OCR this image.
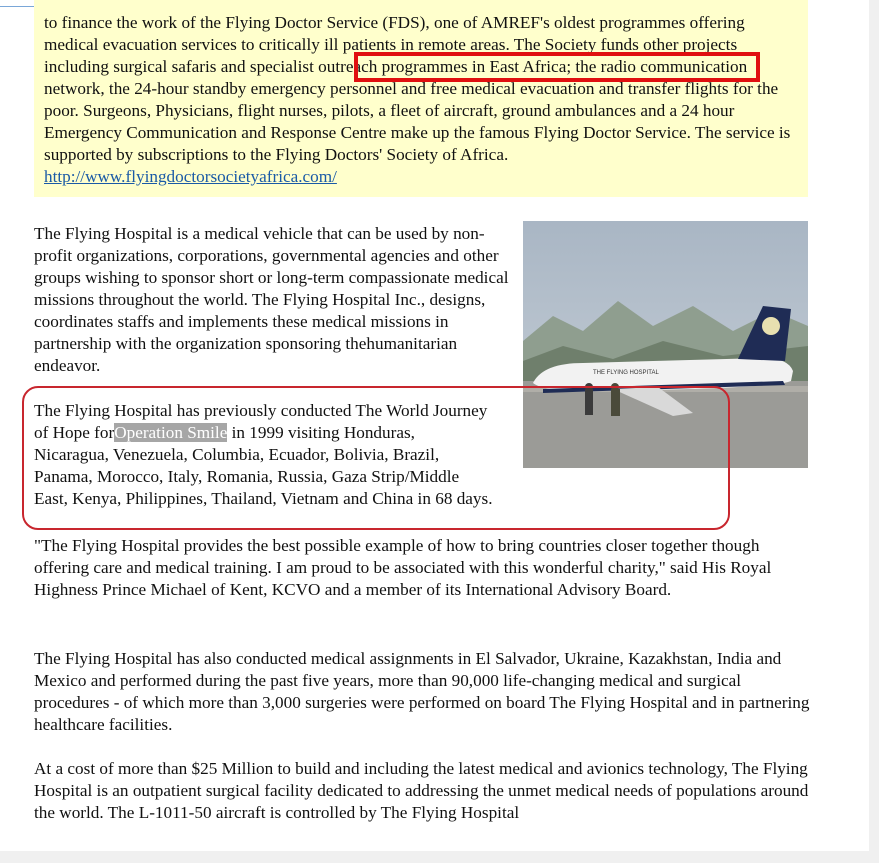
to finance the work of the Flying Doctor Service (FDS), one of AMREF's oldest programmes offering medical evacuation services to critically ill patients in remote areas. The Society funds other projects including surgical safaris and specialist outreach programmes in East Africa; the radio communication network, the 24-hour standby emergency personnel and free medical evacuation and transfer flights for the poor. Surgeons, Physicians, flight nurses, pilots, a fleet of aircraft, ground ambulances and a 24 hour Emergency Communication and Response Centre make up the famous Flying Doctor Service. The service is supported by subscriptions to the Flying Doctors' Society of Africa. http://www.flyingdoctorsocietyafrica.com/

THE FLYING HOSPITAL

The Flying Hospital is a medical vehicle that can be used by non-profit organizations, corporations, governmental agencies and other groups wishing to sponsor short or long-term compassionate medical missions throughout the world. The Flying Hospital Inc., designs, coordinates staffs and implements these medical missions in partnership with the organization sponsoring thehumanitarian endeavor.

The Flying Hospital has previously conducted The World Journey of Hope forOperation Smile in 1999 visiting Honduras, Nicaragua, Venezuela, Columbia, Ecuador, Bolivia, Brazil, Panama, Morocco, Italy, Romania, Russia, Gaza Strip/Middle East, Kenya, Philippines, Thailand, Vietnam and China in 68 days.

"The Flying Hospital provides the best possible example of how to bring countries closer together though offering care and medical training. I am proud to be associated with this wonderful charity," said His Royal Highness Prince Michael of Kent, KCVO and a member of its International Advisory Board.

The Flying Hospital has also conducted medical assignments in El Salvador, Ukraine, Kazakhstan, India and Mexico and performed during the past five years, more than 90,000 life-changing medical and surgical procedures - of which more than 3,000 surgeries were performed on board The Flying Hospital and in partnering healthcare facilities.

At a cost of more than $25 Million to build and including the latest medical and avionics technology, The Flying Hospital is an outpatient surgical facility dedicated to addressing the unmet medical needs of populations around the world. The L-1011-50 aircraft is controlled by The Flying Hospital
